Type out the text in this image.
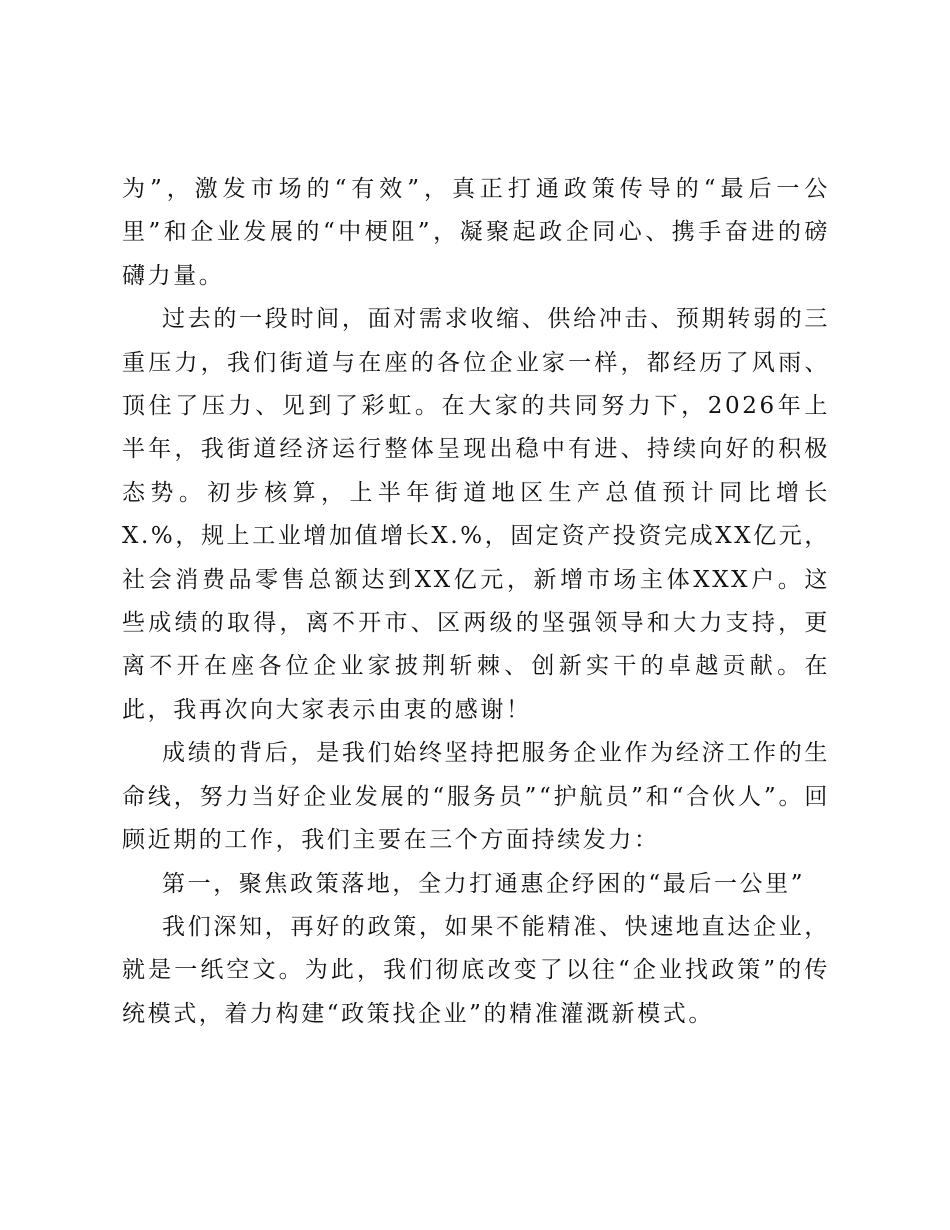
为”，激发市场的“有效”，真正打通政策传导的“最后一公里”和企业发展的“中梗阻”，凝聚起政企同心、携手奋进的磅礴力量。

过去的一段时间，面对需求收缩、供给冲击、预期转弱的三重压力，我们街道与在座的各位企业家一样，都经历了风雨、顶住了压力、见到了彩虹。在大家的共同努力下，2026年上半年，我街道经济运行整体呈现出稳中有进、持续向好的积极态势。初步核算，上半年街道地区生产总值预计同比增长X.%，规上工业增加值增长X.%，固定资产投资完成XX亿元，社会消费品零售总额达到XX亿元，新增市场主体XXX户。这些成绩的取得，离不开市、区两级的坚强领导和大力支持，更离不开在座各位企业家披荆斩棘、创新实干的卓越贡献。在此，我再次向大家表示由衷的感谢！

成绩的背后，是我们始终坚持把服务企业作为经济工作的生命线，努力当好企业发展的“服务员”“护航员”和“合伙人”。回顾近期的工作，我们主要在三个方面持续发力：

第一，聚焦政策落地，全力打通惠企纾困的“最后一公里”

我们深知，再好的政策，如果不能精准、快速地直达企业，就是一纸空文。为此，我们彻底改变了以往“企业找政策”的传统模式，着力构建“政策找企业”的精准灌溉新模式。
